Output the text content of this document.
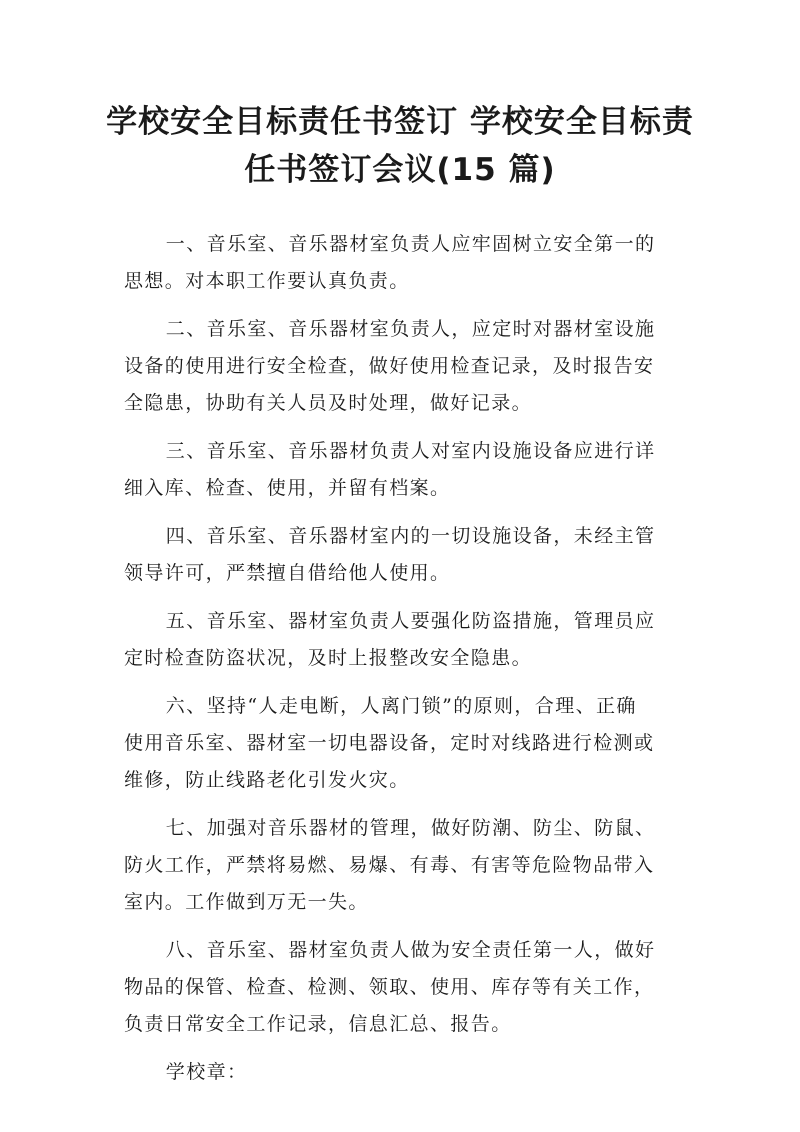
学校安全目标责任书签订 学校安全目标责
任书签订会议(15 篇)

一、音乐室、音乐器材室负责人应牢固树立安全第一的
思想。对本职工作要认真负责。

二、音乐室、音乐器材室负责人，应定时对器材室设施
设备的使用进行安全检查，做好使用检查记录，及时报告安
全隐患，协助有关人员及时处理，做好记录。

三、音乐室、音乐器材负责人对室内设施设备应进行详
细入库、检查、使用，并留有档案。

四、音乐室、音乐器材室内的一切设施设备，未经主管
领导许可，严禁擅自借给他人使用。

五、音乐室、器材室负责人要强化防盗措施，管理员应
定时检查防盗状况，及时上报整改安全隐患。

六、坚持“人走电断，人离门锁”的原则，合理、正确
使用音乐室、器材室一切电器设备，定时对线路进行检测或
维修，防止线路老化引发火灾。

七、加强对音乐器材的管理，做好防潮、防尘、防鼠、
防火工作，严禁将易燃、易爆、有毒、有害等危险物品带入
室内。工作做到万无一失。

八、音乐室、器材室负责人做为安全责任第一人，做好
物品的保管、检查、检测、领取、使用、库存等有关工作，
负责日常安全工作记录，信息汇总、报告。

学校章：
